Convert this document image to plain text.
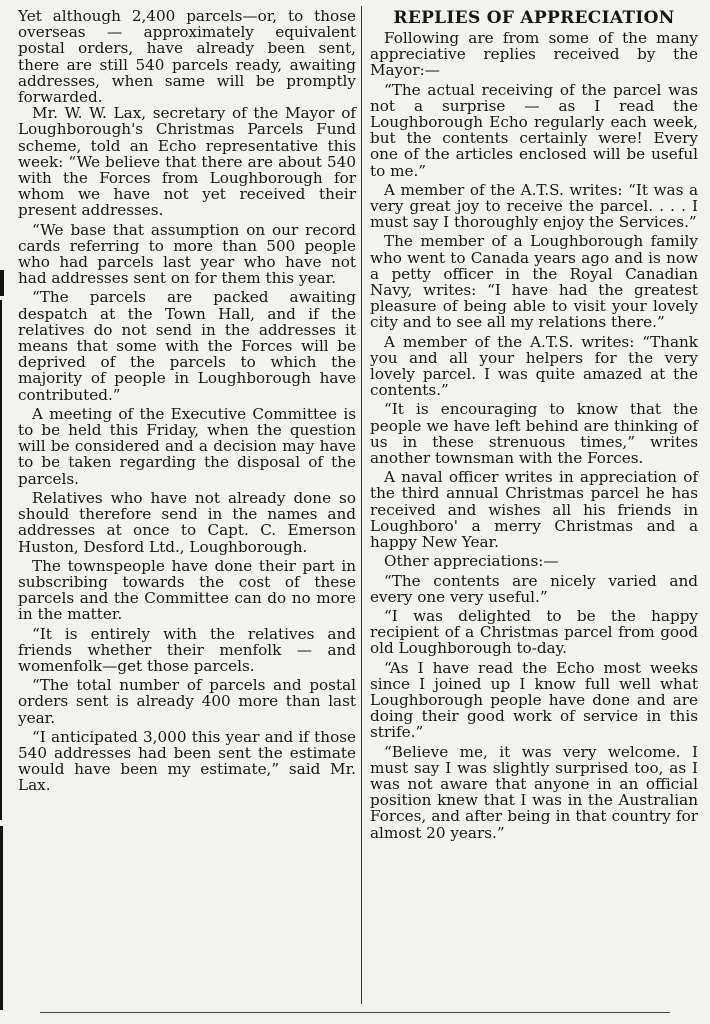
Yet although 2,400 parcels—or, to those overseas — approximately equivalent postal orders, have already been sent, there are still 540 parcels ready, awaiting addresses, when same will be promptly forwarded.

Mr. W. W. Lax, secretary of the Mayor of Loughborough's Christmas Parcels Fund scheme, told an Echo representative this week: “We believe that there are about 540 with the Forces from Loughborough for whom we have not yet received their present addresses.

“We base that assumption on our record cards referring to more than 500 people who had parcels last year who have not had addresses sent on for them this year.

“The parcels are packed awaiting despatch at the Town Hall, and if the relatives do not send in the addresses it means that some with the Forces will be deprived of the parcels to which the majority of people in Loughborough have contributed.”

A meeting of the Executive Committee is to be held this Friday, when the question will be considered and a decision may have to be taken regarding the disposal of the parcels.

Relatives who have not already done so should therefore send in the names and addresses at once to Capt. C. Emerson Huston, Desford Ltd., Loughborough.

The townspeople have done their part in subscribing towards the cost of these parcels and the Committee can do no more in the matter.

“It is entirely with the relatives and friends whether their menfolk — and womenfolk—get those parcels.

“The total number of parcels and postal orders sent is already 400 more than last year.

“I anticipated 3,000 this year and if those 540 addresses had been sent the estimate would have been my estimate,” said Mr. Lax.

REPLIES OF APPRECIATION

Following are from some of the many appreciative replies received by the Mayor:—

“The actual receiving of the parcel was not a surprise — as I read the Loughborough Echo regularly each week, but the contents certainly were! Every one of the articles enclosed will be useful to me.”

A member of the A.T.S. writes: “It was a very great joy to receive the parcel. . . . I must say I thoroughly enjoy the Services.”

The member of a Loughborough family who went to Canada years ago and is now a petty officer in the Royal Canadian Navy, writes: “I have had the greatest pleasure of being able to visit your lovely city and to see all my relations there.”

A member of the A.T.S. writes: “Thank you and all your helpers for the very lovely parcel. I was quite amazed at the contents.”

“It is encouraging to know that the people we have left behind are thinking of us in these strenuous times,” writes another townsman with the Forces.

A naval officer writes in appreciation of the third annual Christmas parcel he has received and wishes all his friends in Loughboro' a merry Christmas and a happy New Year.

Other appreciations:—

“The contents are nicely varied and every one very useful.”

“I was delighted to be the happy recipient of a Christmas parcel from good old Loughborough to-day.

“As I have read the Echo most weeks since I joined up I know full well what Loughborough people have done and are doing their good work of service in this strife.”

“Believe me, it was very welcome. I must say I was slightly surprised too, as I was not aware that anyone in an official position knew that I was in the Australian Forces, and after being in that country for almost 20 years.”
